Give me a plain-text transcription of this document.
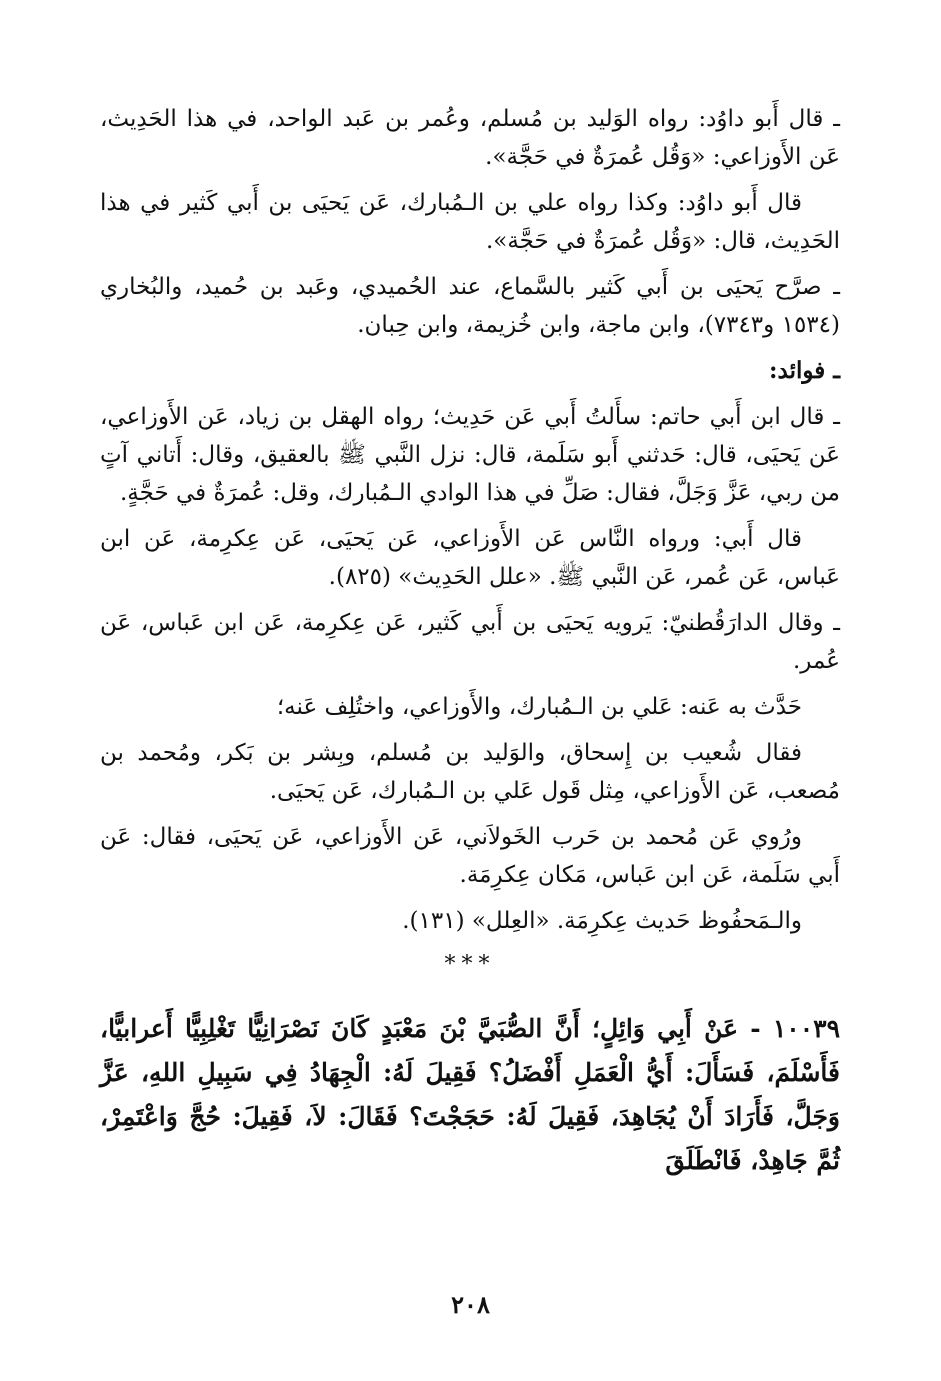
ـ قال أَبو داوُد: رواه الوَليد بن مُسلم، وعُمر بن عَبد الواحد، في هذا الحَدِيث، عَن الأَوزاعي: «وَقُل عُمرَةٌ في حَجَّة».

قال أَبو داوُد: وكذا رواه علي بن الـمُبارك، عَن يَحيَى بن أَبي كَثير في هذا الحَدِيث، قال: «وَقُل عُمرَةٌ في حَجَّة».

ـ صرَّح يَحيَى بن أَبي كَثير بالسَّماع، عند الحُميدي، وعَبد بن حُميد، والبُخاري (١٥٣٤ و٧٣٤٣)، وابن ماجة، وابن خُزيمة، وابن حِبان.

ـ فوائد:

ـ قال ابن أَبي حاتم: سأَلتُ أَبي عَن حَدِيث؛ رواه الهقل بن زياد، عَن الأَوزاعي، عَن يَحيَى، قال: حَدثني أَبو سَلَمة، قال: نزل النَّبي ﷺ بالعقيق، وقال: أَتاني آتٍ من ربي، عَزَّ وَجَلَّ، فقال: صَلِّ في هذا الوادي الـمُبارك، وقل: عُمرَةٌ في حَجَّةٍ.

قال أَبي: ورواه النَّاس عَن الأَوزاعي، عَن يَحيَى، عَن عِكرِمة، عَن ابن عَباس، عَن عُمر، عَن النَّبي ﷺ. «علل الحَدِيث» (٨٢٥).

ـ وقال الدارَقُطنيّ: يَرويه يَحيَى بن أَبي كَثير، عَن عِكرِمة، عَن ابن عَباس، عَن عُمر.

حَدَّث به عَنه: عَلي بن الـمُبارك، والأَوزاعي، واختُلِف عَنه؛

فقال شُعيب بن إِسحاق، والوَليد بن مُسلم، وبِشر بن بَكر، ومُحمد بن مُصعب، عَن الأَوزاعي، مِثل قَول عَلي بن الـمُبارك، عَن يَحيَى.

ورُوي عَن مُحمد بن حَرب الخَولاَني، عَن الأَوزاعي، عَن يَحيَى، فقال: عَن أَبي سَلَمة، عَن ابن عَباس، مَكان عِكرِمَة.

والـمَحفُوظ حَديث عِكرِمَة. «العِلل» (١٣١).

***

١٠٠٣٩ - عَنْ أَبِي وَائِلٍ؛ أَنَّ الصُّبَيَّ بْنَ مَعْبَدٍ كَانَ نَصْرَانِيًّا تَغْلِبِيًّا أَعرابيًّا، فَأَسْلَمَ، فَسَأَلَ: أَيُّ الْعَمَلِ أَفْضَلُ؟ فَقِيلَ لَهُ: الْجِهَادُ فِي سَبِيلِ اللهِ، عَزَّ وَجَلَّ، فَأَرَادَ أَنْ يُجَاهِدَ، فَقِيلَ لَهُ: حَجَجْتَ؟ فَقَالَ: لاَ، فَقِيلَ: حُجَّ وَاعْتَمِرْ، ثُمَّ جَاهِدْ، فَانْطَلَقَ

٢٠٨
